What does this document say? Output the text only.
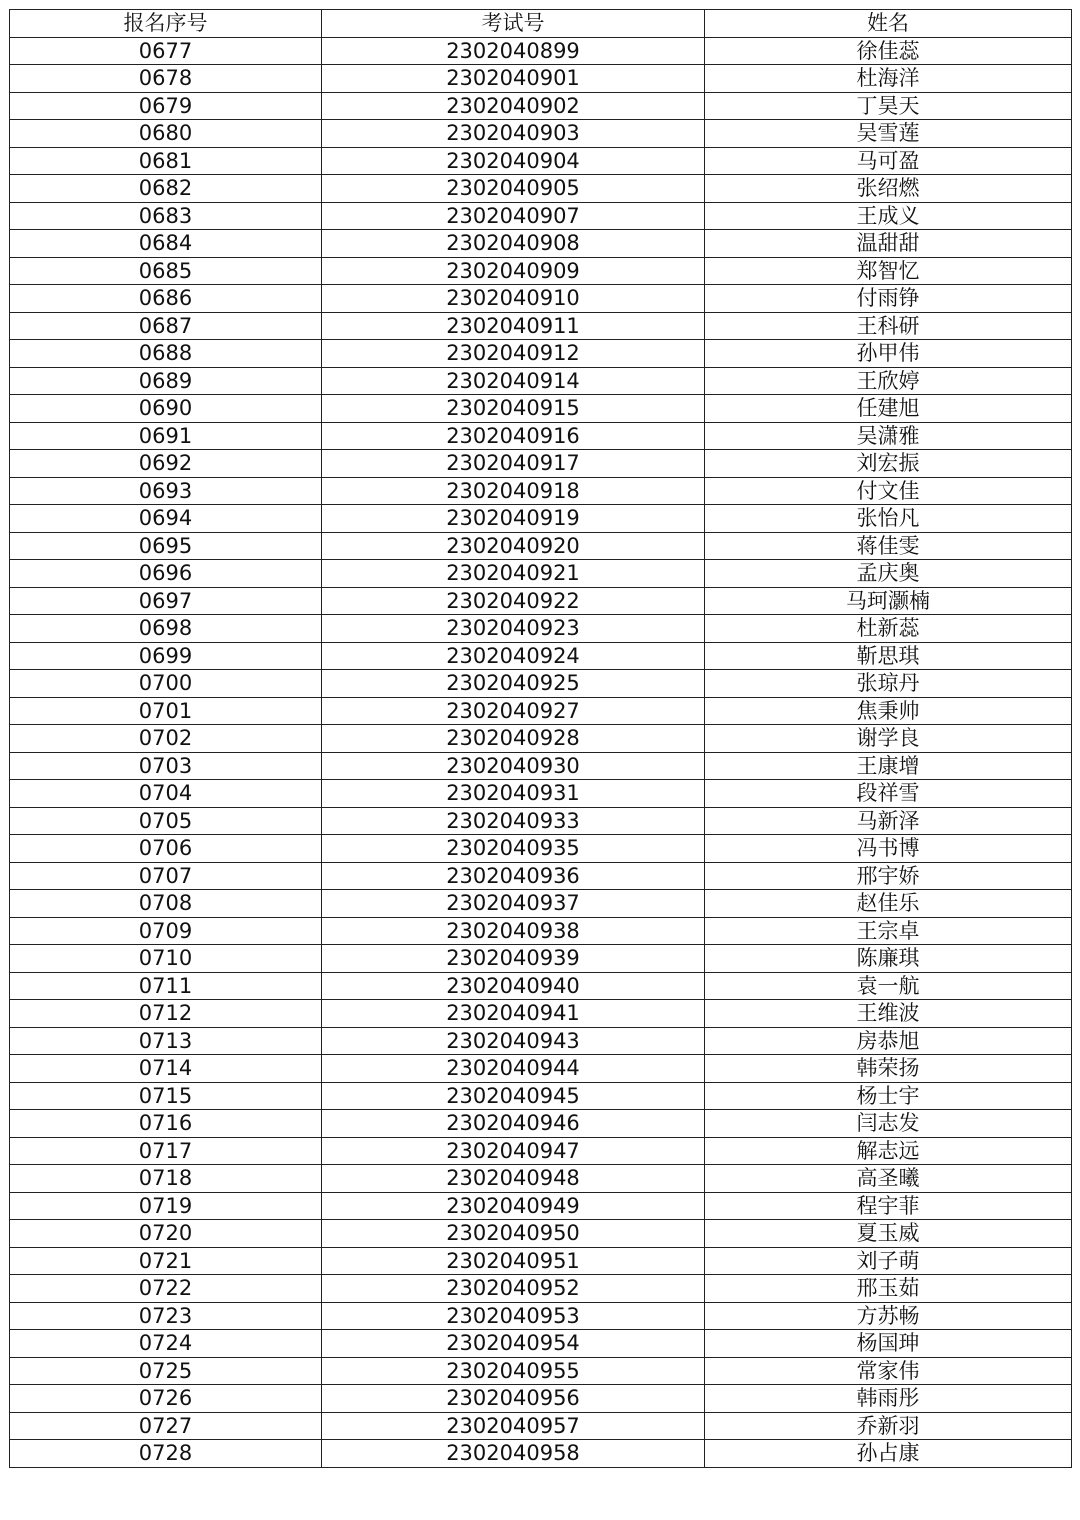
报名序号	考试号	姓名
0677	2302040899	徐佳蕊
0678	2302040901	杜海洋
0679	2302040902	丁昊天
0680	2302040903	吴雪莲
0681	2302040904	马可盈
0682	2302040905	张绍燃
0683	2302040907	王成义
0684	2302040908	温甜甜
0685	2302040909	郑智忆
0686	2302040910	付雨铮
0687	2302040911	王科研
0688	2302040912	孙甲伟
0689	2302040914	王欣婷
0690	2302040915	任建旭
0691	2302040916	吴潇雅
0692	2302040917	刘宏振
0693	2302040918	付文佳
0694	2302040919	张怡凡
0695	2302040920	蒋佳雯
0696	2302040921	孟庆奥
0697	2302040922	马珂灏楠
0698	2302040923	杜新蕊
0699	2302040924	靳思琪
0700	2302040925	张琼丹
0701	2302040927	焦秉帅
0702	2302040928	谢学良
0703	2302040930	王康增
0704	2302040931	段祥雪
0705	2302040933	马新泽
0706	2302040935	冯书博
0707	2302040936	邢宇娇
0708	2302040937	赵佳乐
0709	2302040938	王宗卓
0710	2302040939	陈廉琪
0711	2302040940	袁一航
0712	2302040941	王维波
0713	2302040943	房恭旭
0714	2302040944	韩荣扬
0715	2302040945	杨士宇
0716	2302040946	闫志发
0717	2302040947	解志远
0718	2302040948	高圣曦
0719	2302040949	程宇菲
0720	2302040950	夏玉威
0721	2302040951	刘子萌
0722	2302040952	邢玉茹
0723	2302040953	方苏畅
0724	2302040954	杨国珅
0725	2302040955	常家伟
0726	2302040956	韩雨彤
0727	2302040957	乔新羽
0728	2302040958	孙占康
